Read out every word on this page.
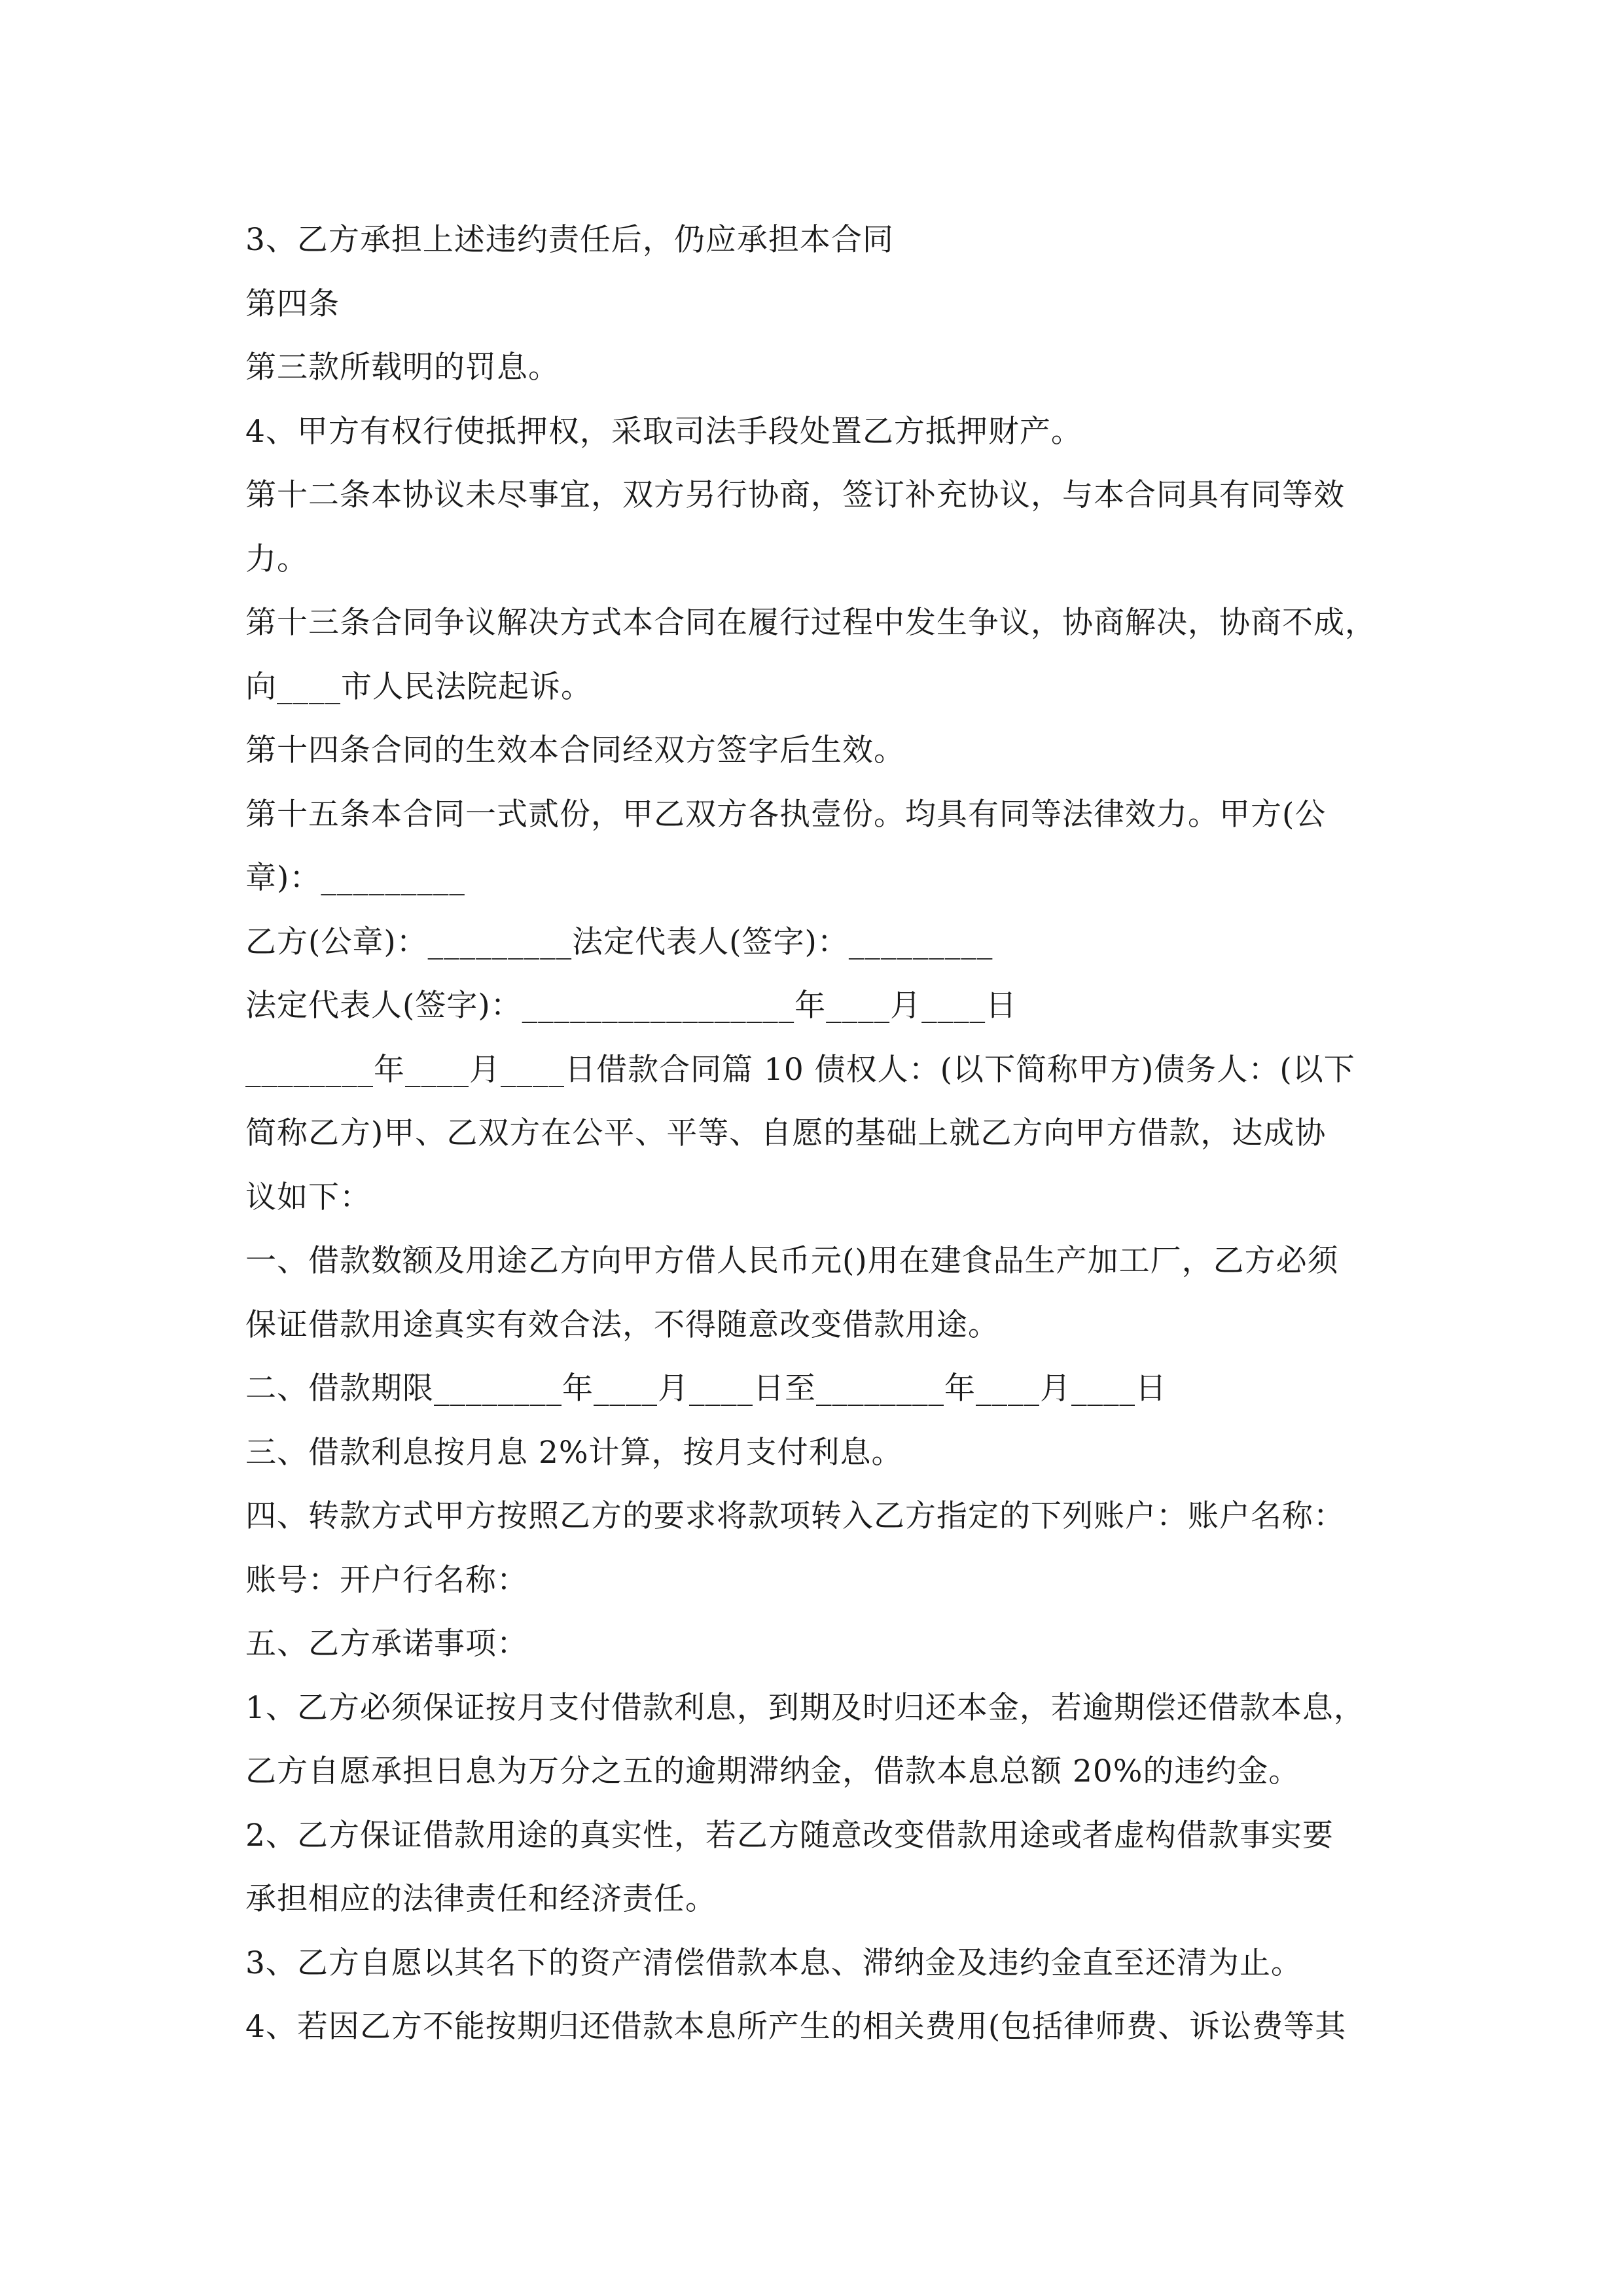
3、乙方承担上述违约责任后，仍应承担本合同
第四条
第三款所载明的罚息。
4、甲方有权行使抵押权，采取司法手段处置乙方抵押财产。
第十二条本协议未尽事宜，双方另行协商，签订补充协议，与本合同具有同等效
力。
第十三条合同争议解决方式本合同在履行过程中发生争议，协商解决，协商不成，
向____市人民法院起诉。
第十四条合同的生效本合同经双方签字后生效。
第十五条本合同一式贰份，甲乙双方各执壹份。均具有同等法律效力。甲方(公
章)：_________
乙方(公章)：_________法定代表人(签字)：_________
法定代表人(签字)：_________________年____月____日
________年____月____日借款合同篇 10 债权人：(以下简称甲方)债务人：(以下
简称乙方)甲、乙双方在公平、平等、自愿的基础上就乙方向甲方借款，达成协
议如下：
一、借款数额及用途乙方向甲方借人民币元()用在建食品生产加工厂，乙方必须
保证借款用途真实有效合法，不得随意改变借款用途。
二、借款期限________年____月____日至________年____月____日
三、借款利息按月息 2%计算，按月支付利息。
四、转款方式甲方按照乙方的要求将款项转入乙方指定的下列账户：账户名称：
账号：开户行名称：
五、乙方承诺事项：
1、乙方必须保证按月支付借款利息，到期及时归还本金，若逾期偿还借款本息，
乙方自愿承担日息为万分之五的逾期滞纳金，借款本息总额 20%的违约金。
2、乙方保证借款用途的真实性，若乙方随意改变借款用途或者虚构借款事实要
承担相应的法律责任和经济责任。
3、乙方自愿以其名下的资产清偿借款本息、滞纳金及违约金直至还清为止。
4、若因乙方不能按期归还借款本息所产生的相关费用(包括律师费、诉讼费等其
